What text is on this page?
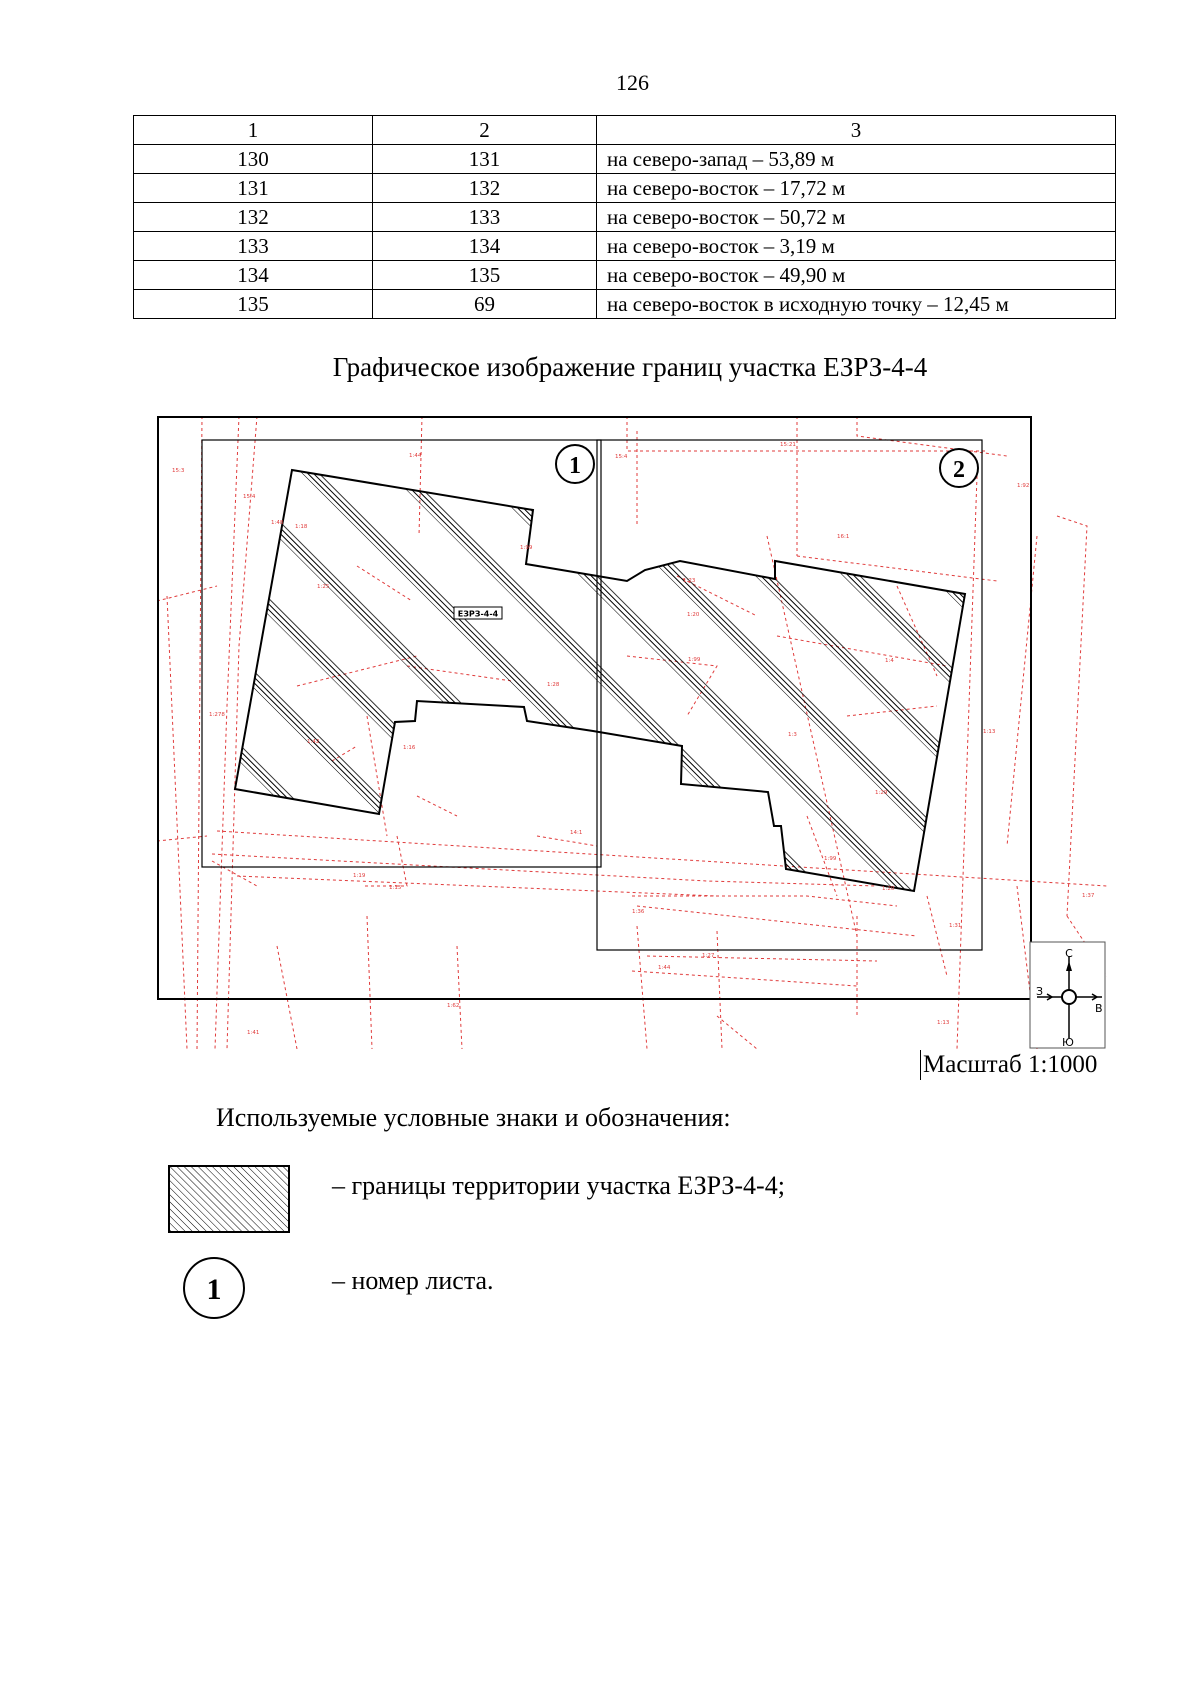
126
1	2	3
130	131	на северо-запад – 53,89 м
131	132	на северо-восток – 17,72 м
132	133	на северо-восток – 50,72 м
133	134	на северо-восток – 3,19 м
134	135	на северо-восток – 49,90 м
135	69	на северо-восток в исходную точку – 12,45 м
Графическое изображение границ участка ЕЗРЗ-4-4
ЕЗРЗ-4-4
1	2
15:3
1:44
15:4
15:4
1:18
15:21
1:92
1:48
1:99
16:1
1:23
1:20
1:278
1:25
1:28
1:99
1:42
1:16
14:1
1:4
1:3
1:29
1:13
1:19
1:15
1:99
1:20
1:36
1:31
1:44
1:27
1:62
1:13
1:41
1:37
С
З
В
Ю
Масштаб 1:1000
Используемые условные знаки и обозначения:
– границы территории участка ЕЗРЗ-4-4;
1	– номер листа.
